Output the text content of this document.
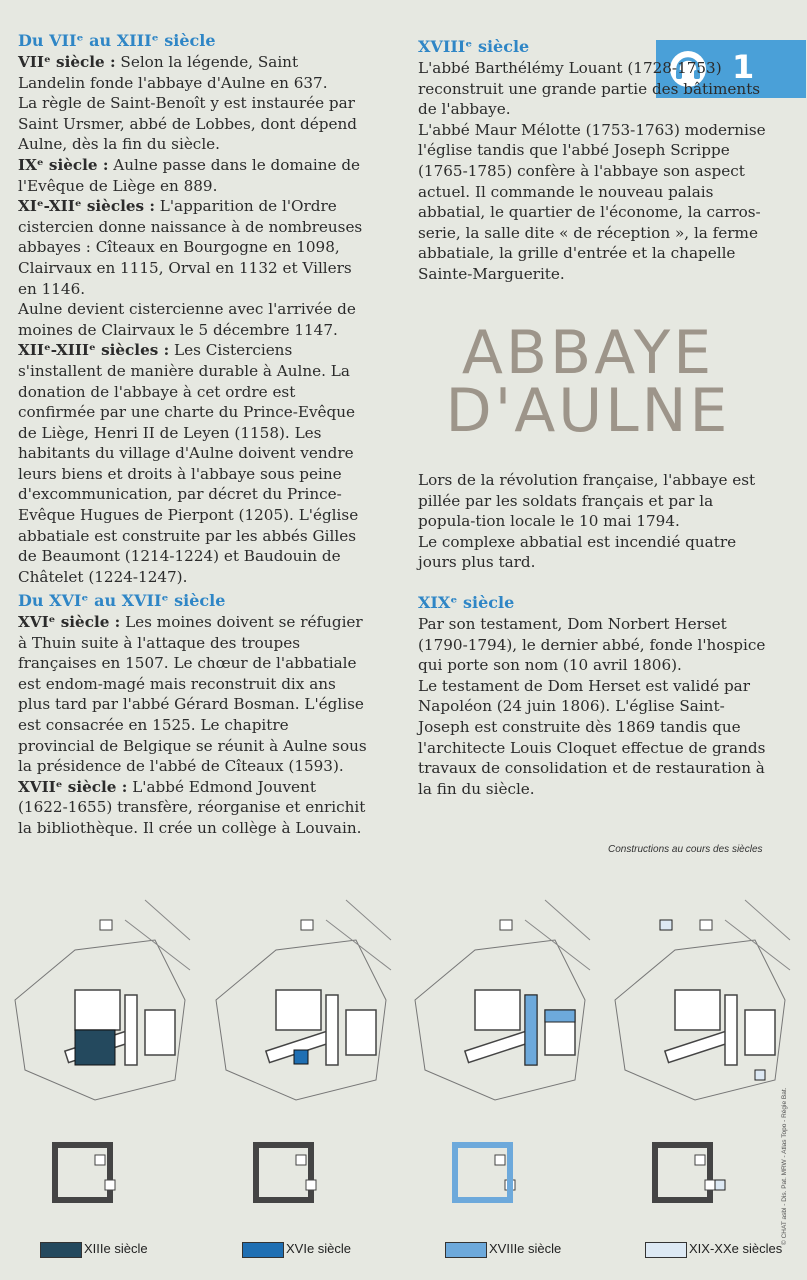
1
Du VIIᵉ au XIIIᵉ siècle

VIIᵉ siècle : Selon la légende, Saint Landelin fonde l'abbaye d'Aulne en 637.

La règle de Saint-Benoît y est instaurée par Saint Ursmer, abbé de Lobbes, dont dépend Aulne, dès la fin du siècle.

IXᵉ siècle : Aulne passe dans le domaine de l'Evêque de Liège en 889.

XIᵉ-XIIᵉ siècles : L'apparition de l'Ordre cistercien donne naissance à de nombreuses abbayes : Cîteaux en Bourgogne en 1098, Clairvaux en 1115, Orval en 1132 et Villers en 1146.

Aulne devient cistercienne avec l'arrivée de moines de Clairvaux le 5 décembre 1147.

XIIᵉ-XIIIᵉ siècles : Les Cisterciens s'installent de manière durable à Aulne. La donation de l'abbaye à cet ordre est confirmée par une charte du Prince-Evêque de Liège, Henri II de Leyen (1158). Les habitants du village d'Aulne doivent vendre leurs biens et droits à l'abbaye sous peine d'excommunication, par décret du Prince-Evêque Hugues de Pierpont (1205). L'église abbatiale est construite par les abbés Gilles de Beaumont (1214-1224) et Baudouin de Châtelet (1224-1247).

XVIIIᵉ siècle

L'abbé Barthélémy Louant (1728-1753) reconstruit une grande partie des bâtiments de l'abbaye.

L'abbé Maur Mélotte (1753-1763) modernise l'église tandis que l'abbé Joseph Scrippe (1765-1785) confère à l'abbaye son aspect actuel. Il commande le nouveau palais abbatial, le quartier de l'économe, la carros-serie, la salle dite « de réception », la ferme abbatiale, la grille d'entrée et la chapelle Sainte-Marguerite.

ABBAYE
D'AULNE
Du XVIᵉ au XVIIᵉ siècle

XVIᵉ siècle : Les moines doivent se réfugier à Thuin suite à l'attaque des troupes françaises en 1507. Le chœur de l'abbatiale est endom-magé mais reconstruit dix ans plus tard par l'abbé Gérard Bosman. L'église est consacrée en 1525. Le chapitre provincial de Belgique se réunit à Aulne sous la présidence de l'abbé de Cîteaux (1593).

XVIIᵉ siècle : L'abbé Edmond Jouvent (1622-1655) transfère, réorganise et enrichit la bibliothèque. Il crée un collège à Louvain.

Lors de la révolution française, l'abbaye est pillée par les soldats français et par la popula-tion locale le 10 mai 1794.

Le complexe abbatial est incendié quatre jours plus tard.

XIXᵉ siècle

Par son testament, Dom Norbert Herset (1790-1794), le dernier abbé, fonde l'hospice qui porte son nom (10 avril 1806).

Le testament de Dom Herset est validé par Napoléon (24 juin 1806). L'église Saint-Joseph est construite dès 1869 tandis que l'architecte Louis Cloquet effectue de grands travaux de consolidation et de restauration à la fin du siècle.

Constructions au cours des siècles
© CHAT asbl - Dis. Pat. MRW - Atlas Topo - Régie Bat.
XIIIe siècle	XVIe siècle	XVIIIe siècle	XIX-XXe siècles
